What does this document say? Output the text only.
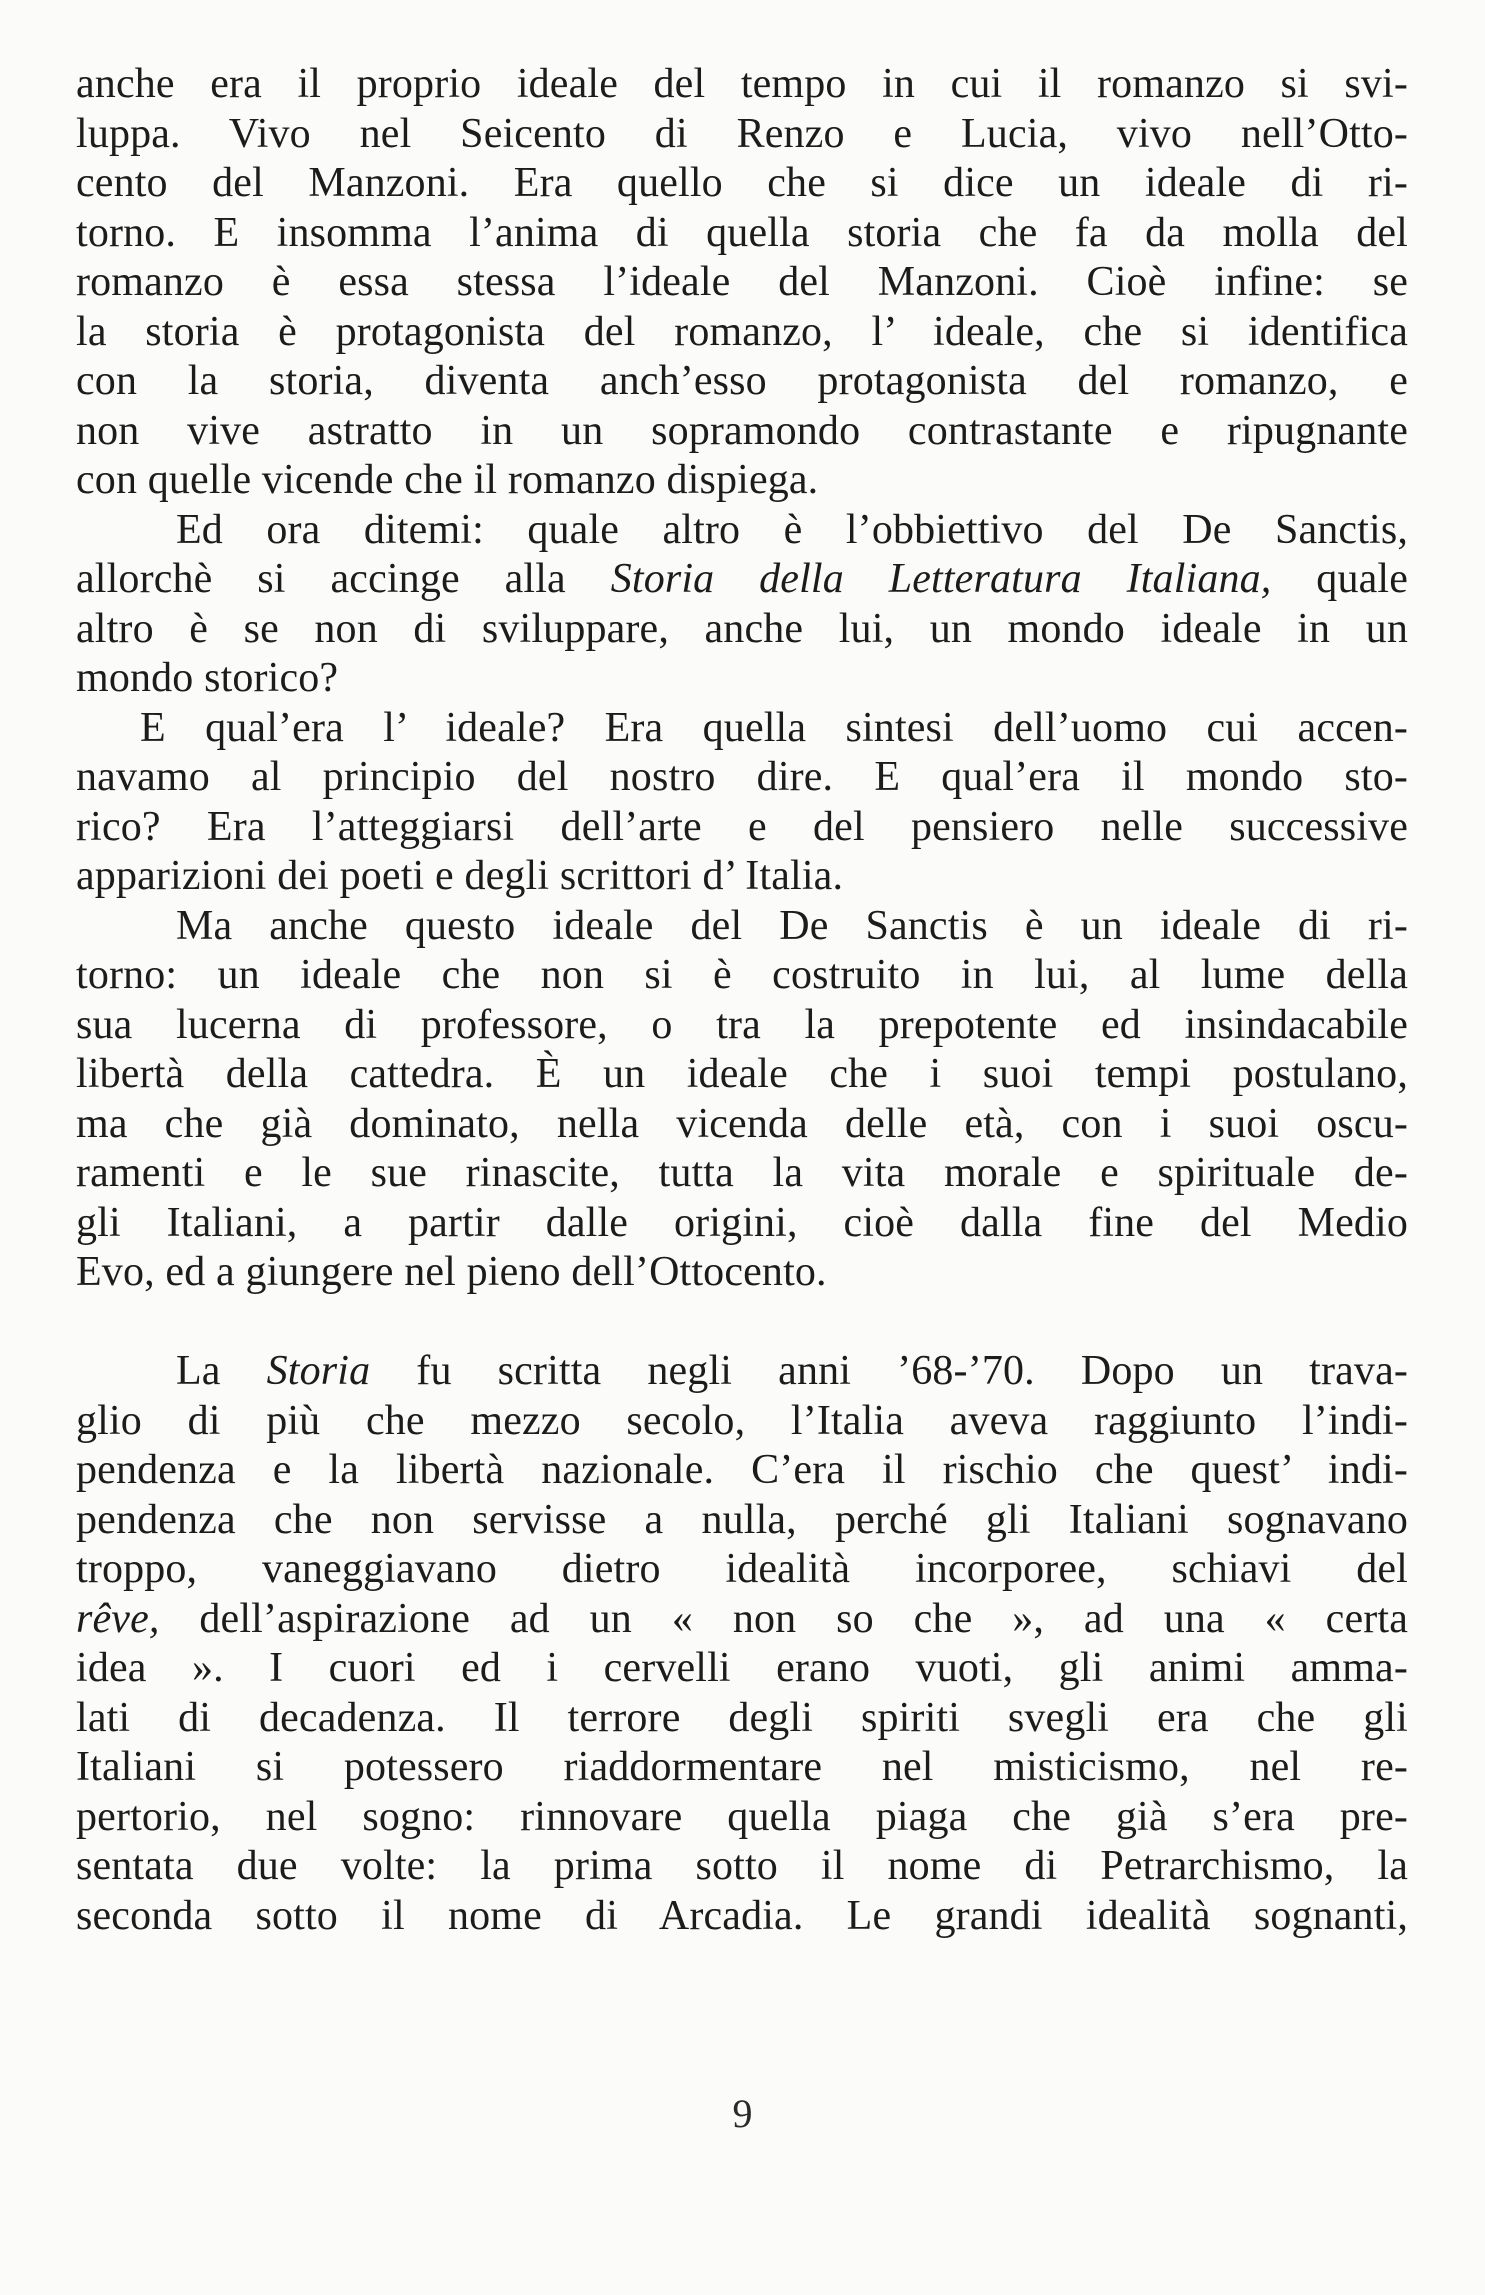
anche era il proprio ideale del tempo in cui il romanzo si svi-
luppa. Vivo nel Seicento di Renzo e Lucia, vivo nell’Otto-
cento del Manzoni. Era quello che si dice un ideale di ri-
torno. E insomma l’anima di quella storia che fa da molla del
romanzo è essa stessa l’ideale del Manzoni. Cioè infine: se
la storia è protagonista del romanzo, l’ ideale, che si identifica
con la storia, diventa anch’esso protagonista del romanzo, e
non vive astratto in un sopramondo contrastante e ripugnante
con quelle vicende che il romanzo dispiega.

Ed ora ditemi: quale altro è l’obbiettivo del De Sanctis,
allorchè si accinge alla Storia della Letteratura Italiana, quale
altro è se non di sviluppare, anche lui, un mondo ideale in un
mondo storico?

E qual’era l’ ideale? Era quella sintesi dell’uomo cui accen-
navamo al principio del nostro dire. E qual’era il mondo sto-
rico? Era l’atteggiarsi dell’arte e del pensiero nelle successive
apparizioni dei poeti e degli scrittori d’ Italia.

Ma anche questo ideale del De Sanctis è un ideale di ri-
torno: un ideale che non si è costruito in lui, al lume della
sua lucerna di professore, o tra la prepotente ed insindacabile
libertà della cattedra. È un ideale che i suoi tempi postulano,
ma che già dominato, nella vicenda delle età, con i suoi oscu-
ramenti e le sue rinascite, tutta la vita morale e spirituale de-
gli Italiani, a partir dalle origini, cioè dalla fine del Medio
Evo, ed a giungere nel pieno dell’Ottocento.

La Storia fu scritta negli anni ’68-’70. Dopo un trava-
glio di più che mezzo secolo, l’Italia aveva raggiunto l’indi-
pendenza e la libertà nazionale. C’era il rischio che quest’ indi-
pendenza che non servisse a nulla, perché gli Italiani sognavano
troppo, vaneggiavano dietro idealità incorporee, schiavi del
rêve, dell’aspirazione ad un « non so che », ad una « certa
idea ». I cuori ed i cervelli erano vuoti, gli animi amma-
lati di decadenza. Il terrore degli spiriti svegli era che gli
Italiani si potessero riaddormentare nel misticismo, nel re-
pertorio, nel sogno: rinnovare quella piaga che già s’era pre-
sentata due volte: la prima sotto il nome di Petrarchismo, la
seconda sotto il nome di Arcadia. Le grandi idealità sognanti,

9
